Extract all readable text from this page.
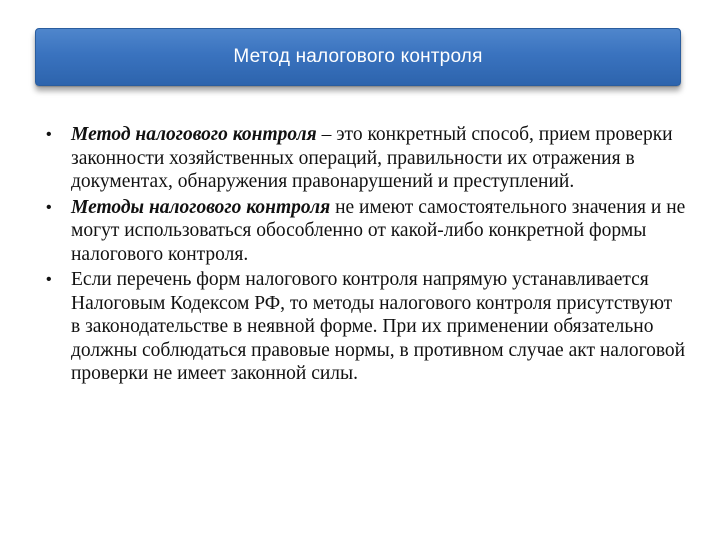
Метод налогового контроля
• Метод налогового контроля – это конкретный способ, прием проверки законности хозяйственных операций, правильности их отражения в документах, обнаружения правонарушений и преступлений.
• Методы налогового контроля не имеют самостоятельного значения и не могут использоваться обособленно от какой-либо конкретной формы налогового контроля.
• Если перечень форм налогового контроля напрямую устанавливается Налоговым Кодексом РФ, то методы налогового контроля присутствуют в законодательстве в неявной форме. При их применении обязательно должны соблюдаться правовые нормы, в противном случае акт налоговой проверки не имеет законной силы.
